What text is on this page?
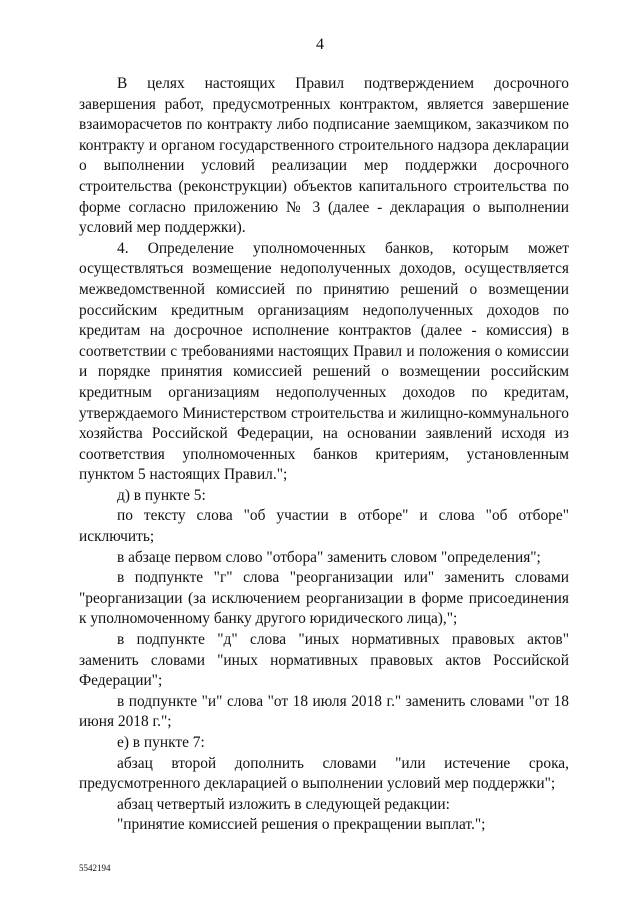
4

В целях настоящих Правил подтверждением досрочного завершения работ, предусмотренных контрактом, является завершение взаиморасчетов по контракту либо подписание заемщиком, заказчиком по контракту и органом государственного строительного надзора декларации о выполнении условий реализации мер поддержки досрочного строительства (реконструкции) объектов капитального строительства по форме согласно приложению № 3 (далее - декларация о выполнении условий мер поддержки).

4. Определение уполномоченных банков, которым может осуществляться возмещение недополученных доходов, осуществляется межведомственной комиссией по принятию решений о возмещении российским кредитным организациям недополученных доходов по кредитам на досрочное исполнение контрактов (далее - комиссия) в соответствии с требованиями настоящих Правил и положения о комиссии и порядке принятия комиссией решений о возмещении российским кредитным организациям недополученных доходов по кредитам, утверждаемого Министерством строительства и жилищно-коммунального хозяйства Российской Федерации, на основании заявлений исходя из соответствия уполномоченных банков критериям, установленным пунктом 5 настоящих Правил.";

д) в пункте 5:

по тексту слова "об участии в отборе" и слова "об отборе" исключить;

в абзаце первом слово "отбора" заменить словом "определения";

в подпункте "г" слова "реорганизации или" заменить словами "реорганизации (за исключением реорганизации в форме присоединения к уполномоченному банку другого юридического лица),";

в подпункте "д" слова "иных нормативных правовых актов" заменить словами "иных нормативных правовых актов Российской Федерации";

в подпункте "и" слова "от 18 июля 2018 г." заменить словами "от 18 июня 2018 г.";

е) в пункте 7:

абзац второй дополнить словами "или истечение срока, предусмотренного декларацией о выполнении условий мер поддержки";

абзац четвертый изложить в следующей редакции:

"принятие комиссией решения о прекращении выплат.";

5542194
